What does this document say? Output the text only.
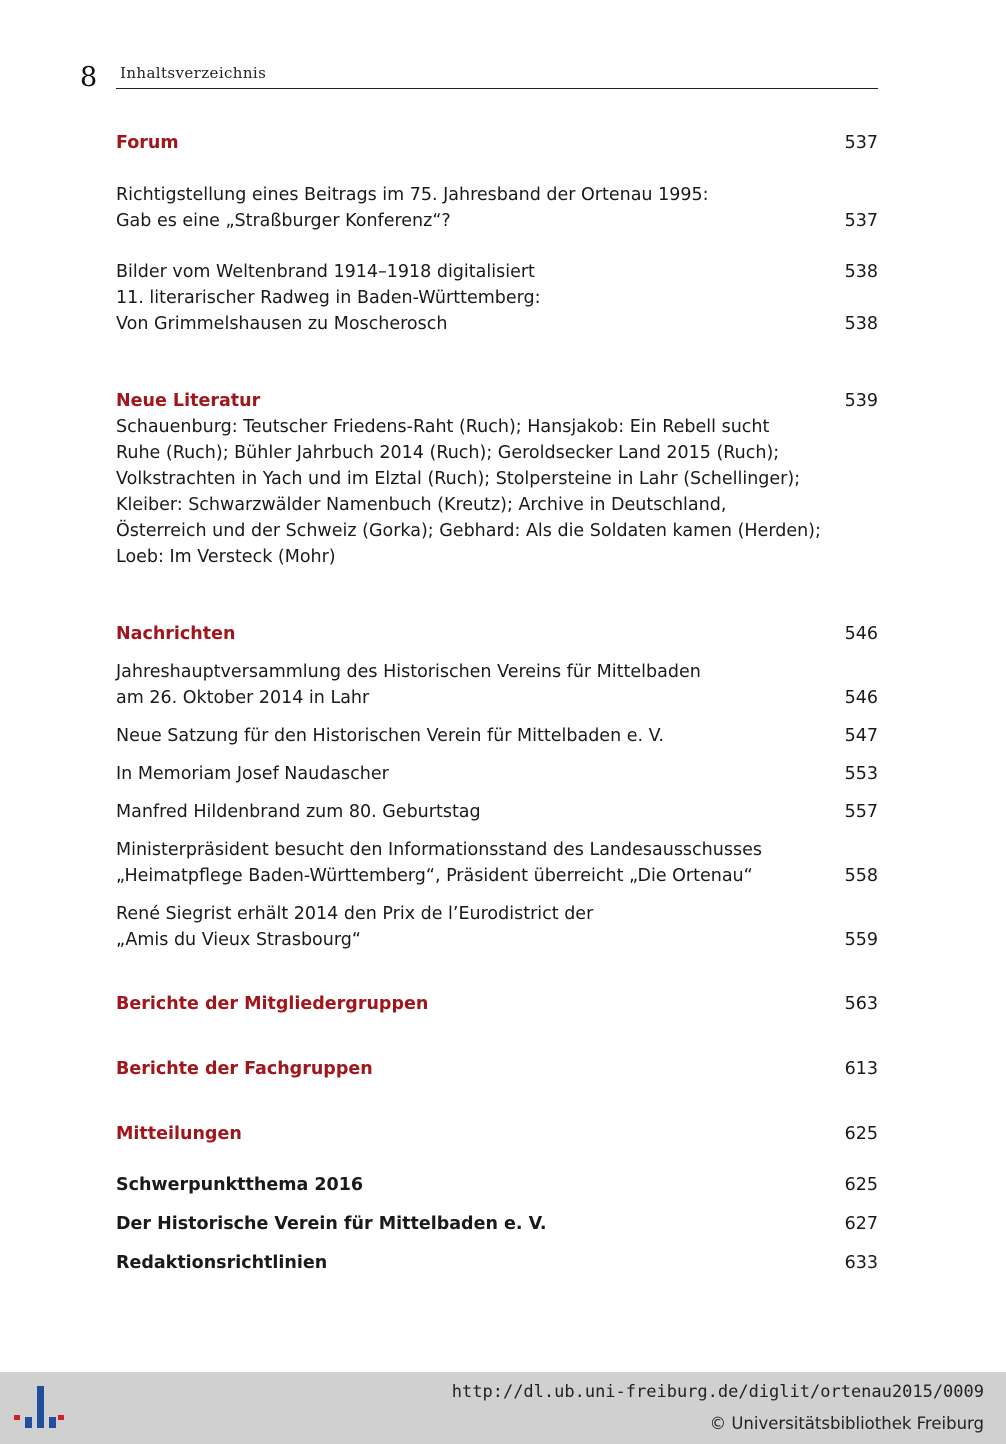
8 Inhaltsverzeichnis
Forum	537
Richtigstellung eines Beitrags im 75. Jahresband der Ortenau 1995:
Gab es eine „Straßburger Konferenz“?	537
Bilder vom Weltenbrand 1914–1918 digitalisiert	538
11. literarischer Radweg in Baden-Württemberg:
Von Grimmelshausen zu Moscherosch	538
Neue Literatur	539
Schauenburg: Teutscher Friedens-Raht (Ruch); Hansjakob: Ein Rebell sucht
Ruhe (Ruch); Bühler Jahrbuch 2014 (Ruch); Geroldsecker Land 2015 (Ruch);
Volkstrachten in Yach und im Elztal (Ruch); Stolpersteine in Lahr (Schellinger);
Kleiber: Schwarzwälder Namenbuch (Kreutz); Archive in Deutschland,
Österreich und der Schweiz (Gorka); Gebhard: Als die Soldaten kamen (Herden);
Loeb: Im Versteck (Mohr)
Nachrichten	546
Jahreshauptversammlung des Historischen Vereins für Mittelbaden
am 26. Oktober 2014 in Lahr	546
Neue Satzung für den Historischen Verein für Mittelbaden e. V.	547
In Memoriam Josef Naudascher	553
Manfred Hildenbrand zum 80. Geburtstag	557
Ministerpräsident besucht den Informationsstand des Landesausschusses
„Heimatpflege Baden-Württemberg“, Präsident überreicht „Die Ortenau“	558
René Siegrist erhält 2014 den Prix de l’Eurodistrict der
„Amis du Vieux Strasbourg“	559
Berichte der Mitgliedergruppen	563
Berichte der Fachgruppen	613
Mitteilungen	625
Schwerpunktthema 2016	625
Der Historische Verein für Mittelbaden e. V.	627
Redaktionsrichtlinien	633
http://dl.ub.uni-freiburg.de/diglit/ortenau2015/0009
© Universitätsbibliothek Freiburg
